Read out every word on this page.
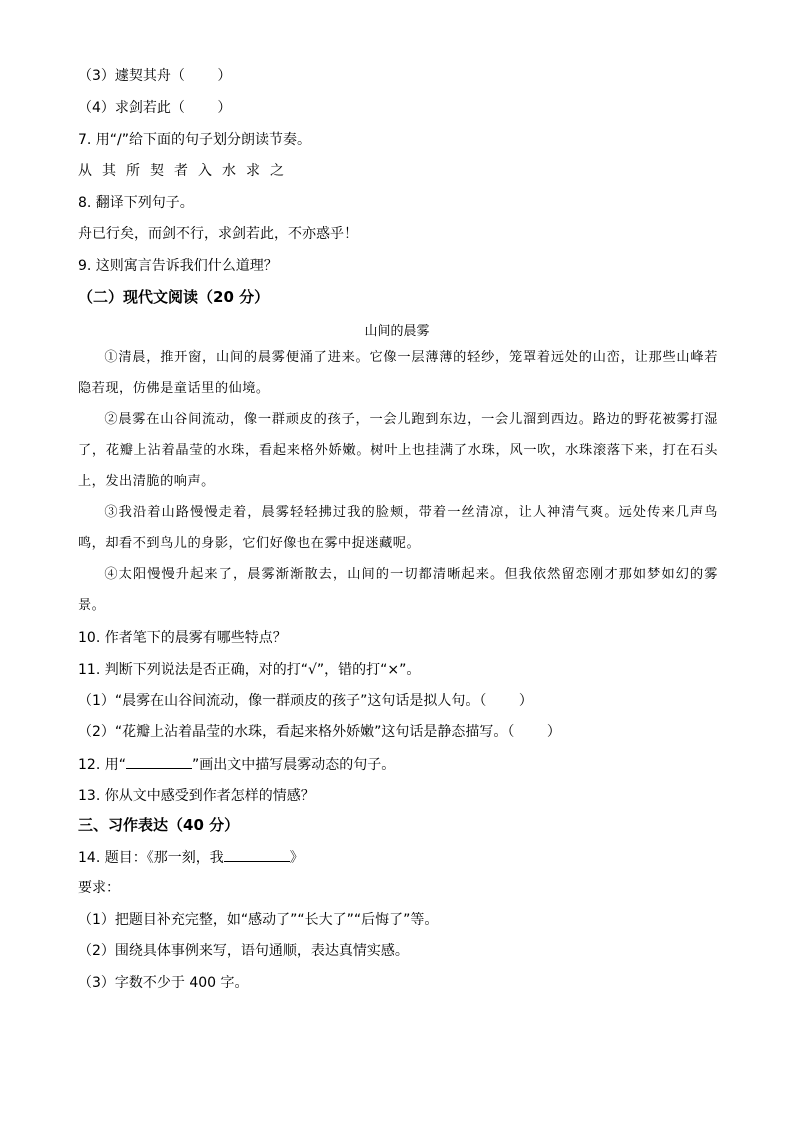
（3）遽契其舟（　　 ）
（4）求剑若此（　　 ）
7. 用“/”给下面的句子划分朗读节奏。
从其所契者入水求之
8. 翻译下列句子。
舟已行矣，而剑不行，求剑若此，不亦惑乎！
9. 这则寓言告诉我们什么道理？
（二）现代文阅读（20 分）
山间的晨雾
①清晨，推开窗，山间的晨雾便涌了进来。它像一层薄薄的轻纱，笼罩着远处的山峦，让那些山峰若隐若现，仿佛是童话里的仙境。
②晨雾在山谷间流动，像一群顽皮的孩子，一会儿跑到东边，一会儿溜到西边。路边的野花被雾打湿了，花瓣上沾着晶莹的水珠，看起来格外娇嫩。树叶上也挂满了水珠，风一吹，水珠滚落下来，打在石头上，发出清脆的响声。
③我沿着山路慢慢走着，晨雾轻轻拂过我的脸颊，带着一丝清凉，让人神清气爽。远处传来几声鸟鸣，却看不到鸟儿的身影，它们好像也在雾中捉迷藏呢。
④太阳慢慢升起来了，晨雾渐渐散去，山间的一切都清晰起来。但我依然留恋刚才那如梦如幻的雾景。
10. 作者笔下的晨雾有哪些特点？
11. 判断下列说法是否正确，对的打“√”，错的打“×”。
（1）“晨雾在山谷间流动，像一群顽皮的孩子”这句话是拟人句。（　　 ）
（2）“花瓣上沾着晶莹的水珠，看起来格外娇嫩”这句话是静态描写。（　　 ）
12. 用“	”画出文中描写晨雾动态的句子。
13. 你从文中感受到作者怎样的情感？
三、习作表达（40 分）
14. 题目：《那一刻，我	》
要求：
（1）把题目补充完整，如“感动了”“长大了”“后悔了”等。
（2）围绕具体事例来写，语句通顺，表达真情实感。
（3）字数不少于 400 字。
